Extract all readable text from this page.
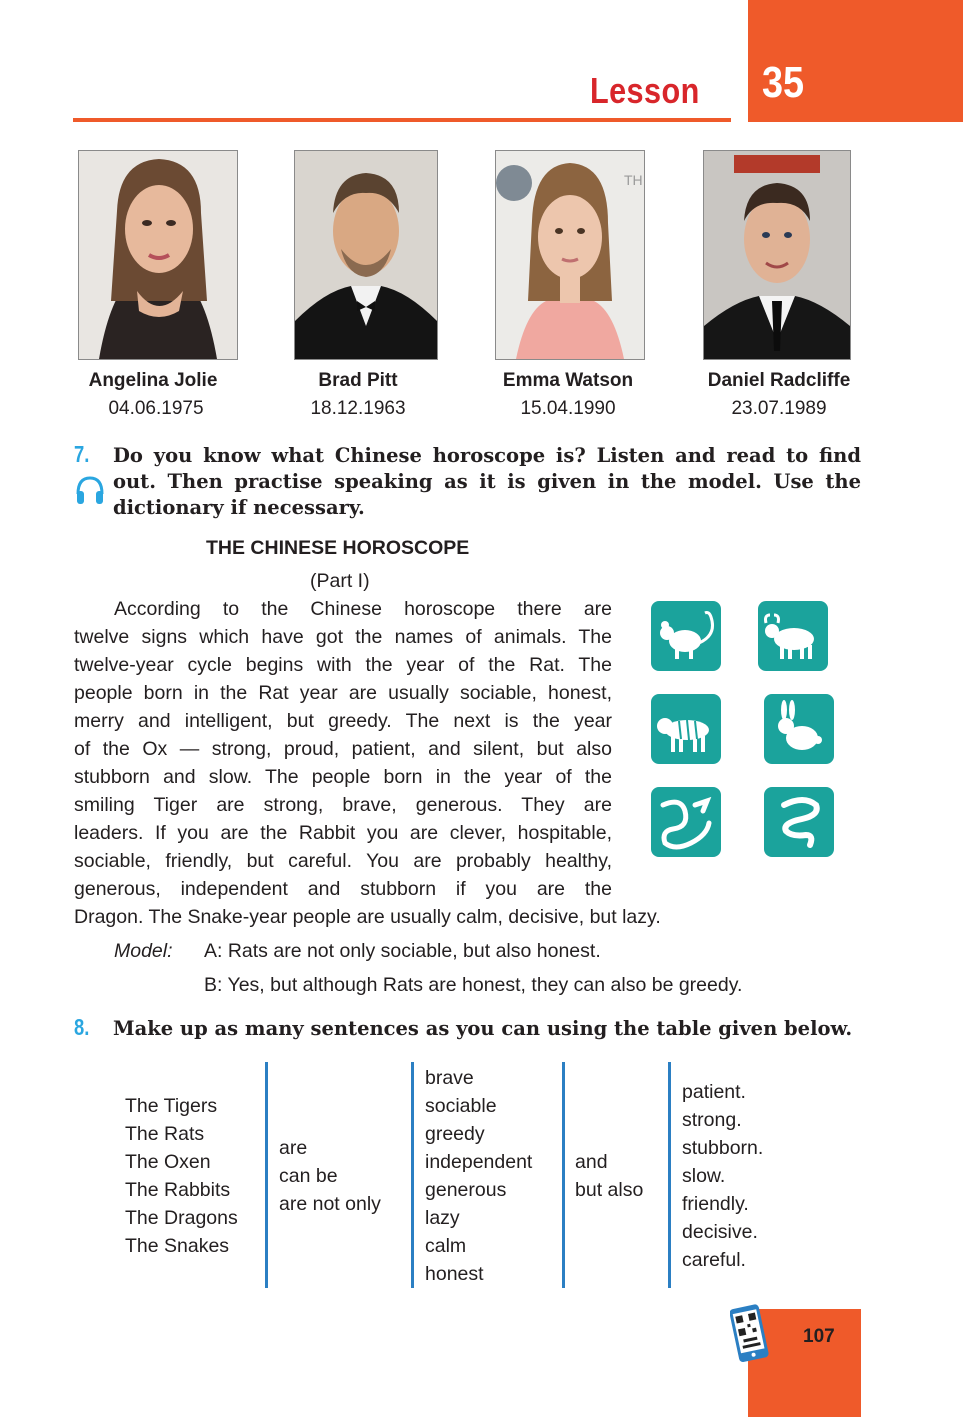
35
Lesson
TH
Angelina Jolie
04.06.1975
Brad Pitt
18.12.1963
Emma Watson
15.04.1990
Daniel Radcliffe
23.07.1989
7. Do you know what Chinese horoscope is? Listen and read to find out. Then practise speaking as it is given in the model. Use the dictionary if necessary.
THE CHINESE HOROSCOPE
(Part I)
According to the Chinese horoscope there are
twelve signs which have got the names of animals. The
twelve-year cycle begins with the year of the Rat. The
people born in the Rat year are usually sociable, honest,
merry and intelligent, but greedy. The next is the year
of the Ox — strong, proud, patient, and silent, but also
stubborn and slow. The people born in the year of the
smiling Tiger are strong, brave, generous. They are
leaders. If you are the Rabbit you are clever, hospitable,
sociable, friendly, but careful. You are probably healthy,
generous, independent and stubborn if you are the
Dragon. The Snake-year people are usually calm, decisive, but lazy.
Model: A: Rats are not only sociable, but also honest.
B: Yes, but although Rats are honest, they can also be greedy.
8. Make up as many sentences as you can using the table given below.
The Tigers
The Rats
The Oxen
The Rabbits
The Dragons
The Snakes
are
can be
are not only
brave
sociable
greedy
independent
generous
lazy
calm
honest
and
but also
patient.
strong.
stubborn.
slow.
friendly.
decisive.
careful.
107
